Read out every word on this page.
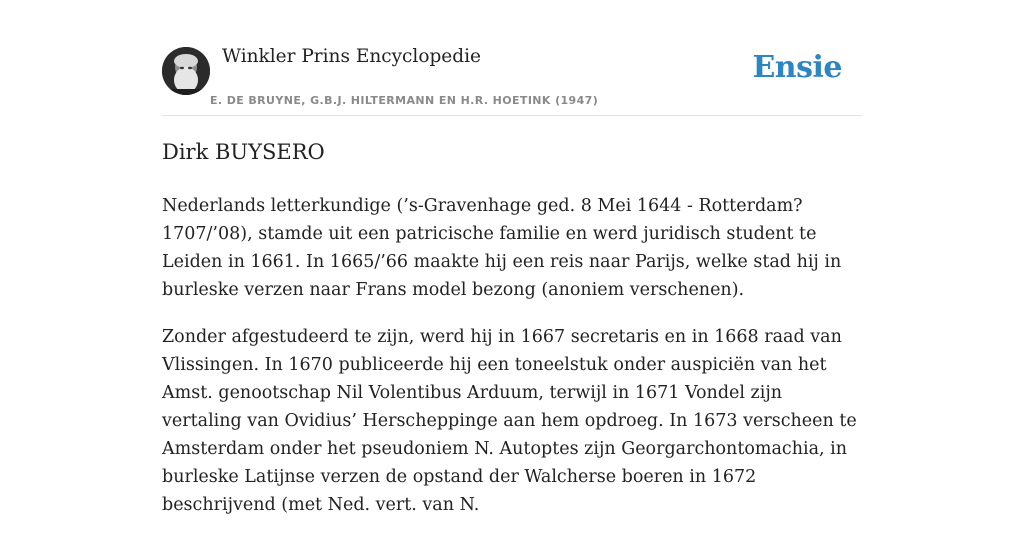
Winkler Prins Encyclopedie
E. DE BRUYNE, G.B.J. HILTERMANN EN H.R. HOETINK (1947)
Ensie
Dirk BUYSERO

Nederlands letterkundige (’s-Gravenhage ged. 8 Mei 1644 - Rotterdam? 1707/’08), stamde uit een patricische familie en werd juridisch student te Leiden in 1661. In 1665/’66 maakte hij een reis naar Parijs, welke stad hij in burleske verzen naar Frans model bezong (anoniem verschenen).

Zonder afgestudeerd te zijn, werd hij in 1667 secretaris en in 1668 raad van Vlissingen. In 1670 publiceerde hij een toneelstuk onder auspiciën van het Amst. genootschap Nil Volentibus Arduum, terwijl in 1671 Vondel zijn vertaling van Ovidius’ Herscheppinge aan hem opdroeg. In 1673 verscheen te Amsterdam onder het pseudoniem N. Autoptes zijn Georgarchontomachia, in burleske Latijnse verzen de opstand der Walcherse boeren in 1672 beschrijvend (met Ned. vert. van N.
